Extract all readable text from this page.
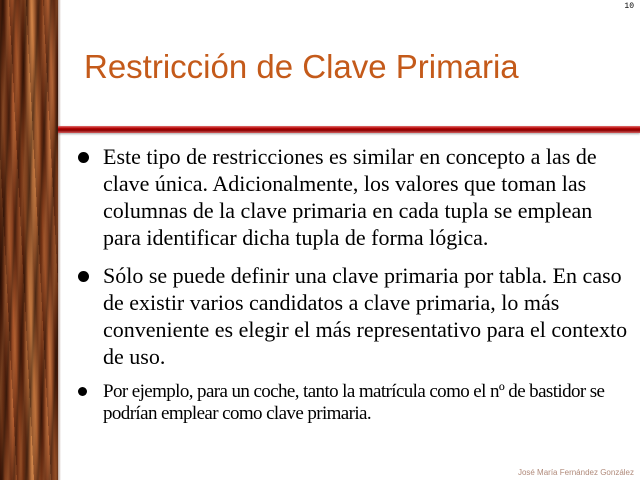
10
Restricción de Clave Primaria
Este tipo de restricciones es similar en concepto a las de clave única. Adicionalmente, los valores que toman las columnas de la clave primaria en cada tupla se emplean para identificar dicha tupla de forma lógica.
Sólo se puede definir una clave primaria por tabla. En caso de existir varios candidatos a clave primaria, lo más conveniente es elegir el más representativo para el contexto de uso.
Por ejemplo, para un coche, tanto la matrícula como el nº de bastidor se podrían emplear como clave primaria.
José María Fernández González
